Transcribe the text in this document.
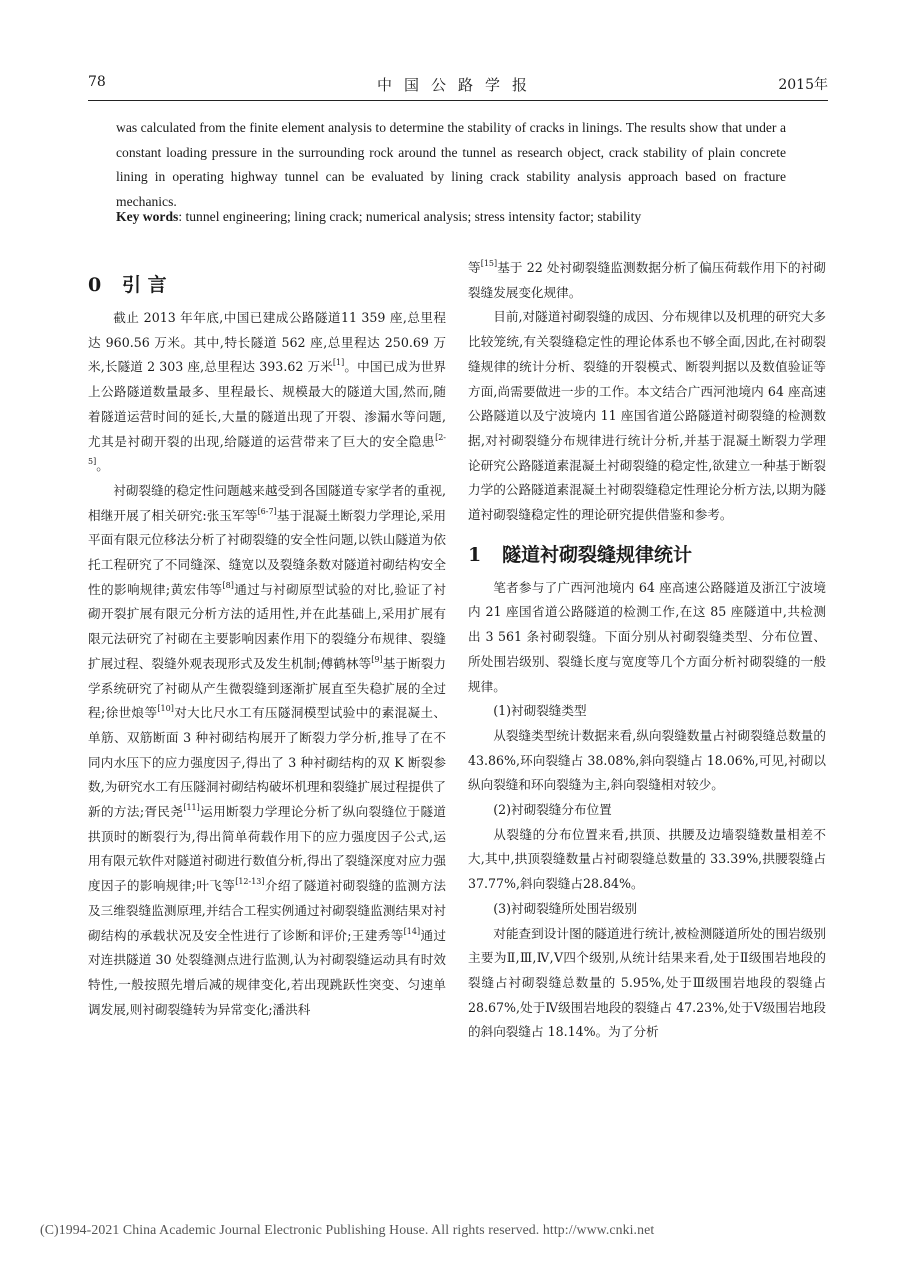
78	中国公路学报	2015年
was calculated from the finite element analysis to determine the stability of cracks in linings. The results show that under a constant loading pressure in the surrounding rock around the tunnel as research object, crack stability of plain concrete lining in operating highway tunnel can be evaluated by lining crack stability analysis approach based on fracture mechanics.
Key words: tunnel engineering; lining crack; numerical analysis; stress intensity factor; stability
0 引 言

截止 2013 年年底,中国已建成公路隧道11 359 座,总里程达 960.56 万米。其中,特长隧道 562 座,总里程达 250.69 万米,长隧道 2 303 座,总里程达 393.62 万米[1]。中国已成为世界上公路隧道数量最多、里程最长、规模最大的隧道大国,然而,随着隧道运营时间的延长,大量的隧道出现了开裂、渗漏水等问题,尤其是衬砌开裂的出现,给隧道的运营带来了巨大的安全隐患[2-5]。

衬砌裂缝的稳定性问题越来越受到各国隧道专家学者的重视,相继开展了相关研究:张玉军等[6-7]基于混凝土断裂力学理论,采用平面有限元位移法分析了衬砌裂缝的安全性问题,以铁山隧道为依托工程研究了不同缝深、缝宽以及裂缝条数对隧道衬砌结构安全性的影响规律;黄宏伟等[8]通过与衬砌原型试验的对比,验证了衬砌开裂扩展有限元分析方法的适用性,并在此基础上,采用扩展有限元法研究了衬砌在主要影响因素作用下的裂缝分布规律、裂缝扩展过程、裂缝外观表现形式及发生机制;傅鹤林等[9]基于断裂力学系统研究了衬砌从产生微裂缝到逐渐扩展直至失稳扩展的全过程;徐世烺等[10]对大比尺水工有压隧洞模型试验中的素混凝土、单筋、双筋断面 3 种衬砌结构展开了断裂力学分析,推导了在不同内水压下的应力强度因子,得出了 3 种衬砌结构的双 K 断裂参数,为研究水工有压隧洞衬砌结构破坏机理和裂缝扩展过程提供了新的方法;胥民尧[11]运用断裂力学理论分析了纵向裂缝位于隧道拱顶时的断裂行为,得出简单荷载作用下的应力强度因子公式,运用有限元软件对隧道衬砌进行数值分析,得出了裂缝深度对应力强度因子的影响规律;叶飞等[12-13]介绍了隧道衬砌裂缝的监测方法及三维裂缝监测原理,并结合工程实例通过衬砌裂缝监测结果对衬砌结构的承载状况及安全性进行了诊断和评价;王建秀等[14]通过对连拱隧道 30 处裂缝测点进行监测,认为衬砌裂缝运动具有时效特性,一般按照先增后减的规律变化,若出现跳跃性突变、匀速单调发展,则衬砌裂缝转为异常变化;潘洪科

等[15]基于 22 处衬砌裂缝监测数据分析了偏压荷载作用下的衬砌裂缝发展变化规律。

目前,对隧道衬砌裂缝的成因、分布规律以及机理的研究大多比较笼统,有关裂缝稳定性的理论体系也不够全面,因此,在衬砌裂缝规律的统计分析、裂缝的开裂模式、断裂判据以及数值验证等方面,尚需要做进一步的工作。本文结合广西河池境内 64 座高速公路隧道以及宁波境内 11 座国省道公路隧道衬砌裂缝的检测数据,对衬砌裂缝分布规律进行统计分析,并基于混凝土断裂力学理论研究公路隧道素混凝土衬砌裂缝的稳定性,欲建立一种基于断裂力学的公路隧道素混凝土衬砌裂缝稳定性理论分析方法,以期为隧道衬砌裂缝稳定性的理论研究提供借鉴和参考。

1 隧道衬砌裂缝规律统计

笔者参与了广西河池境内 64 座高速公路隧道及浙江宁波境内 21 座国省道公路隧道的检测工作,在这 85 座隧道中,共检测出 3 561 条衬砌裂缝。下面分别从衬砌裂缝类型、分布位置、所处围岩级别、裂缝长度与宽度等几个方面分析衬砌裂缝的一般规律。

(1)衬砌裂缝类型

从裂缝类型统计数据来看,纵向裂缝数量占衬砌裂缝总数量的 43.86%,环向裂缝占 38.08%,斜向裂缝占 18.06%,可见,衬砌以纵向裂缝和环向裂缝为主,斜向裂缝相对较少。

(2)衬砌裂缝分布位置

从裂缝的分布位置来看,拱顶、拱腰及边墙裂缝数量相差不大,其中,拱顶裂缝数量占衬砌裂缝总数量的 33.39%,拱腰裂缝占 37.77%,斜向裂缝占28.84%。

(3)衬砌裂缝所处围岩级别

对能查到设计图的隧道进行统计,被检测隧道所处的围岩级别主要为Ⅱ,Ⅲ,Ⅳ,Ⅴ四个级别,从统计结果来看,处于Ⅱ级围岩地段的裂缝占衬砌裂缝总数量的 5.95%,处于Ⅲ级围岩地段的裂缝占 28.67%,处于Ⅳ级围岩地段的裂缝占 47.23%,处于Ⅴ级围岩地段的斜向裂缝占 18.14%。为了分析

(C)1994-2021 China Academic Journal Electronic Publishing House. All rights reserved. http://www.cnki.net
